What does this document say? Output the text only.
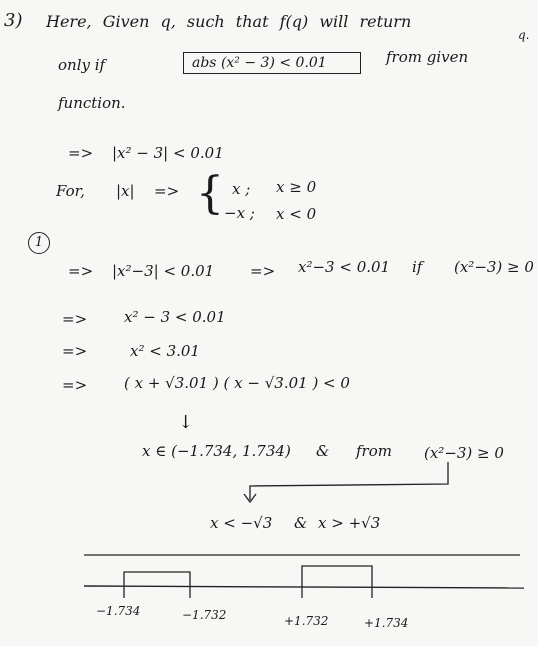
3) Here, Given q, such that f(q) will return
q.
only if	abs (x² − 3) < 0.01	from given
function.
=> |x² − 3| < 0.01
For, |x| => { x ; x ≥ 0
−x ; x < 0
1
=> |x²−3| < 0.01 => x²−3 < 0.01 if (x²−3) ≥ 0
=> x² − 3 < 0.01
=>	x² < 3.01
=> ( x + √3.01 ) ( x − √3.01 ) < 0
↓
x ∈ (−1.734, 1.734) & from (x²−3) ≥ 0
x < −√3 & x > +√3
−1.734	−1.732	+1.732	+1.734
